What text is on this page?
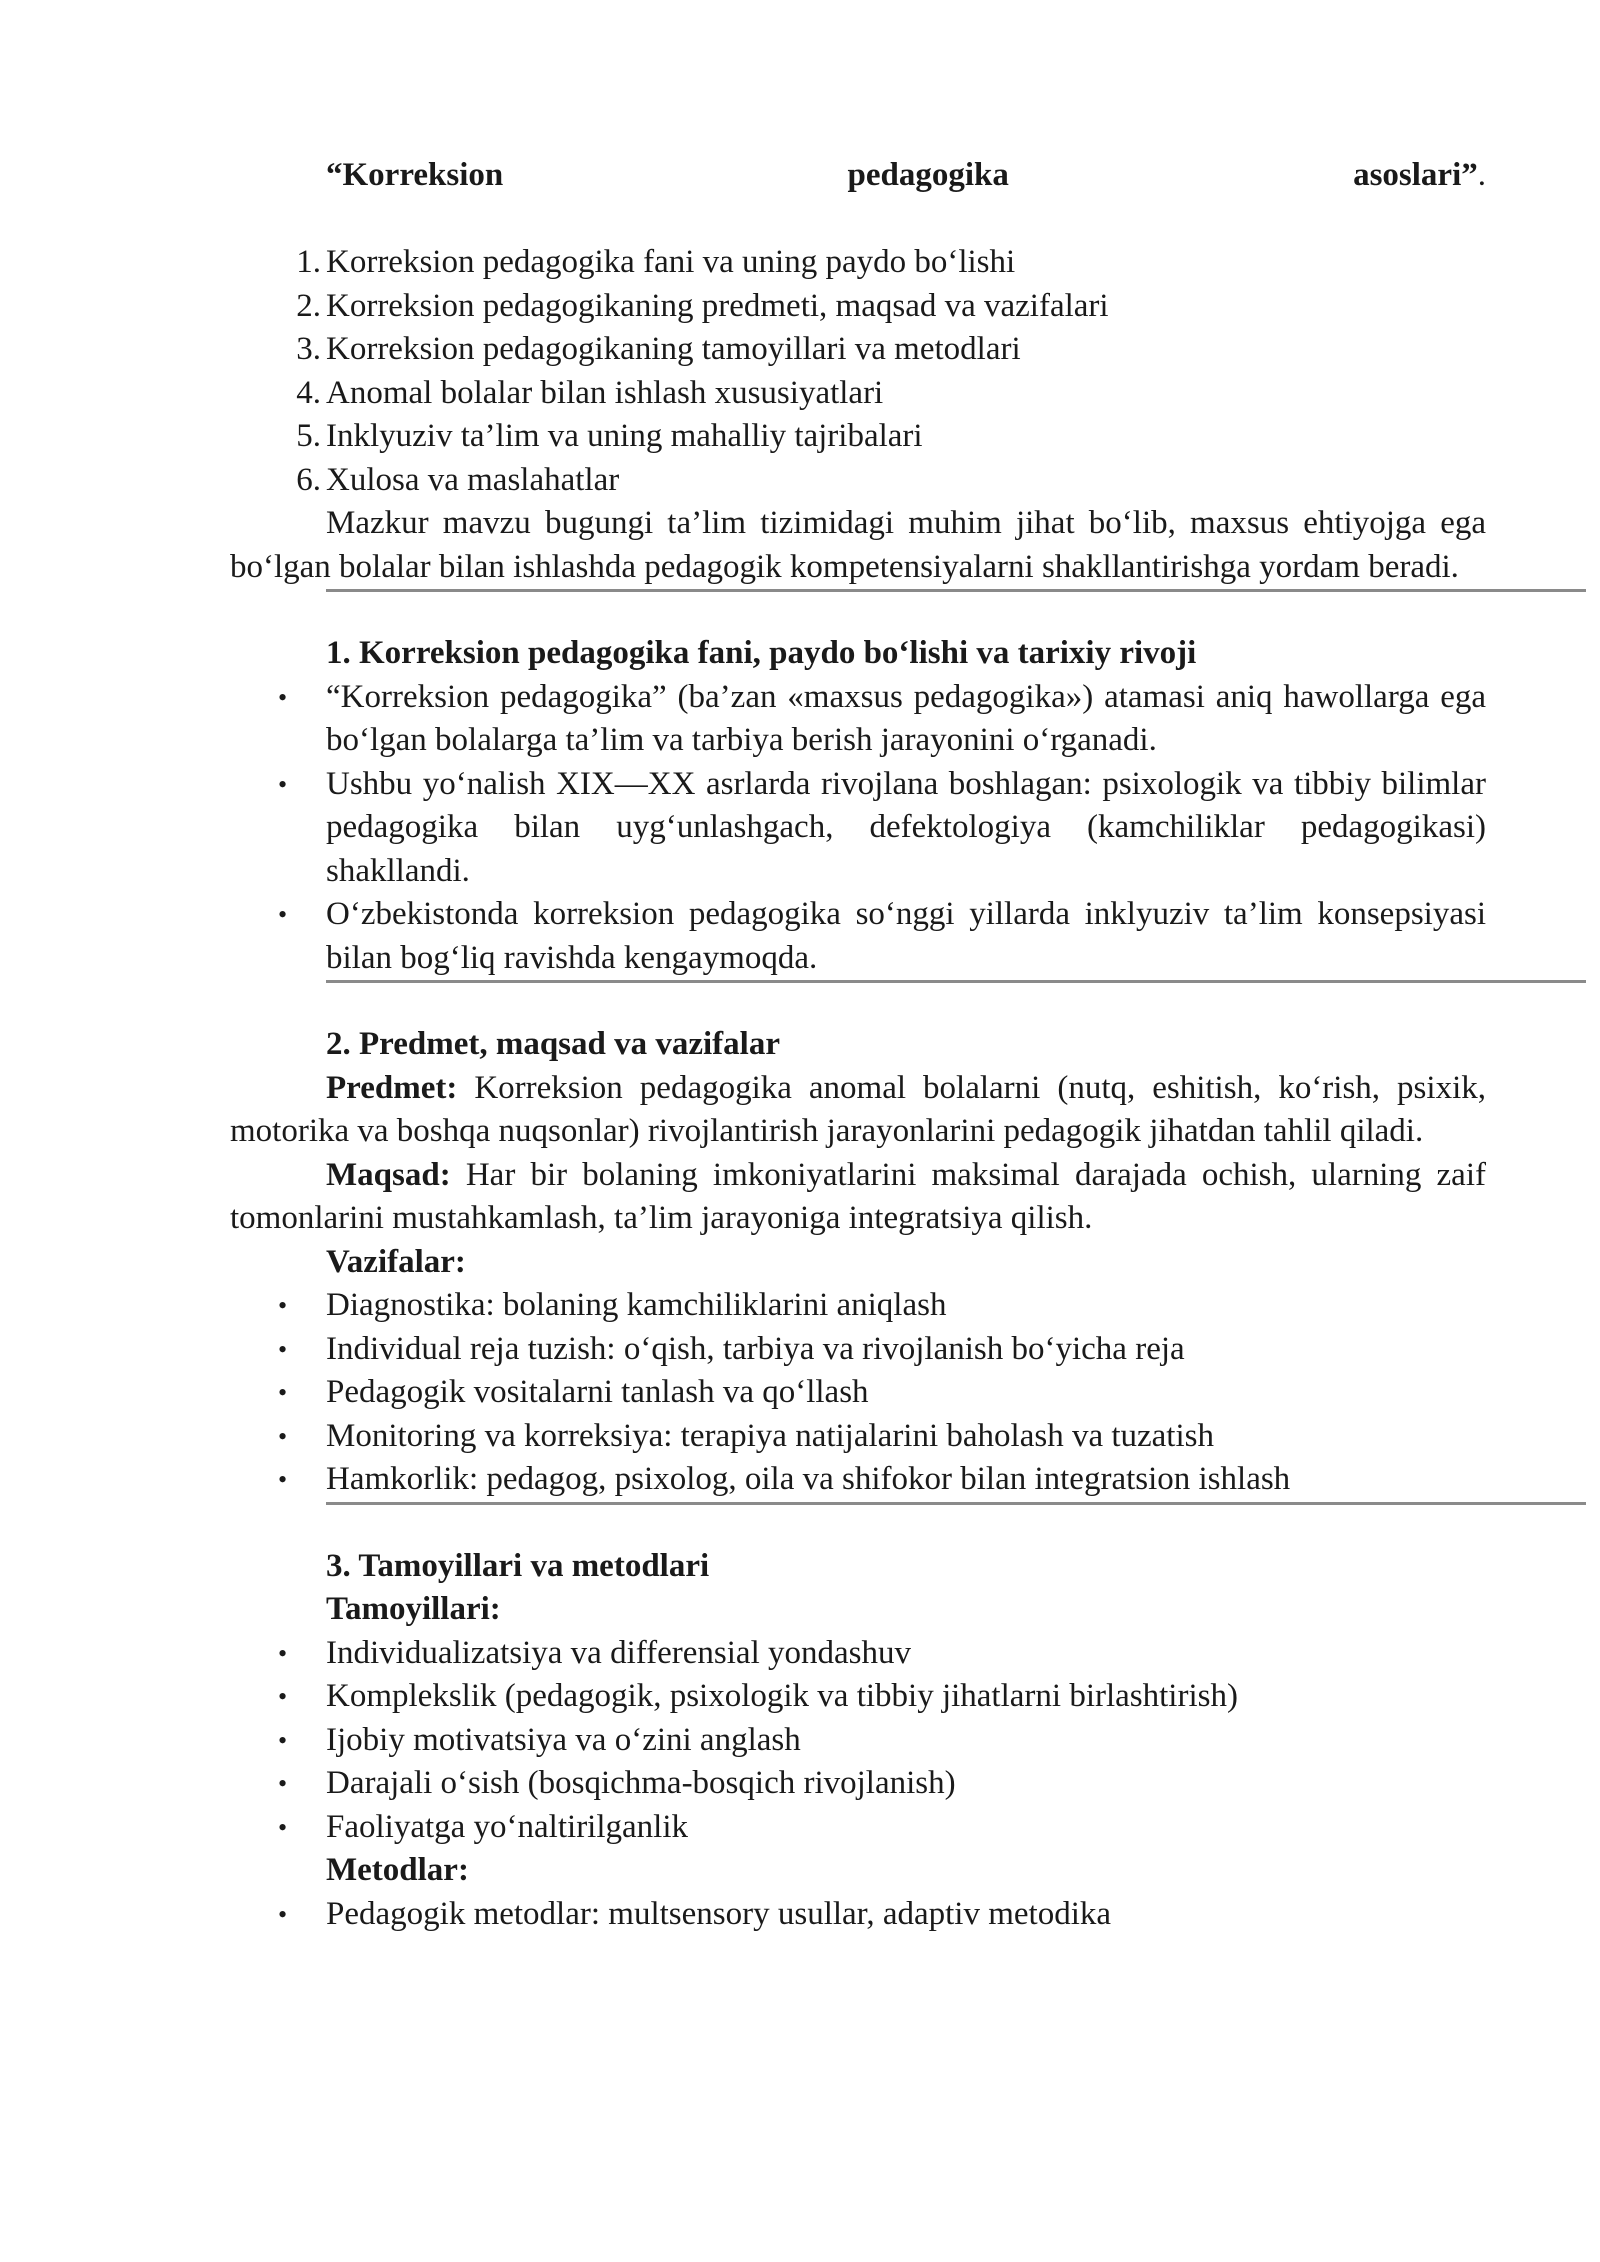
“Korreksion	pedagogika	asoslari”.

1. Korreksion pedagogika fani va uning paydo bo‘lishi
2. Korreksion pedagogikaning predmeti, maqsad va vazifalari
3. Korreksion pedagogikaning tamoyillari va metodlari
4. Anomal bolalar bilan ishlash xususiyatlari
5. Inklyuziv ta’lim va uning mahalliy tajribalari
6. Xulosa va maslahatlar

Mazkur mavzu bugungi ta’lim tizimidagi muhim jihat bo‘lib, maxsus ehtiyojga ega bo‘lgan bolalar bilan ishlashda pedagogik kompetensiyalarni shakllantirishga yordam beradi.

1. Korreksion pedagogika fani, paydo bo‘lishi va tarixiy rivoji
• “Korreksion pedagogika” (ba’zan «maxsus pedagogika») atamasi aniq hawollarga ega bo‘lgan bolalarga ta’lim va tarbiya berish jarayonini o‘rganadi.
• Ushbu yo‘nalish XIX—XX asrlarda rivojlana boshlagan: psixologik va tibbiy bilimlar pedagogika bilan uyg‘unlashgach, defektologiya (kamchiliklar pedagogikasi) shakllandi.
• O‘zbekistonda korreksion pedagogika so‘nggi yillarda inklyuziv ta’lim konsepsiyasi bilan bog‘liq ravishda kengaymoqda.
2. Predmet, maqsad va vazifalar

Predmet: Korreksion pedagogika anomal bolalarni (nutq, eshitish, ko‘rish, psixik, motorika va boshqa nuqsonlar) rivojlantirish jarayonlarini pedagogik jihatdan tahlil qiladi.

Maqsad: Har bir bolaning imkoniyatlarini maksimal darajada ochish, ularning zaif tomonlarini mustahkamlash, ta’lim jarayoniga integratsiya qilish.

Vazifalar:

• Diagnostika: bolaning kamchiliklarini aniqlash
• Individual reja tuzish: o‘qish, tarbiya va rivojlanish bo‘yicha reja
• Pedagogik vositalarni tanlash va qo‘llash
• Monitoring va korreksiya: terapiya natijalarini baholash va tuzatish
• Hamkorlik: pedagog, psixolog, oila va shifokor bilan integratsion ishlash
3. Tamoyillari va metodlari

Tamoyillari:

• Individualizatsiya va differensial yondashuv
• Komplekslik (pedagogik, psixologik va tibbiy jihatlarni birlashtirish)
• Ijobiy motivatsiya va o‘zini anglash
• Darajali o‘sish (bosqichma-bosqich rivojlanish)
• Faoliyatga yo‘naltirilganlik

Metodlar:

• Pedagogik metodlar: multsensory usullar, adaptiv metodika
